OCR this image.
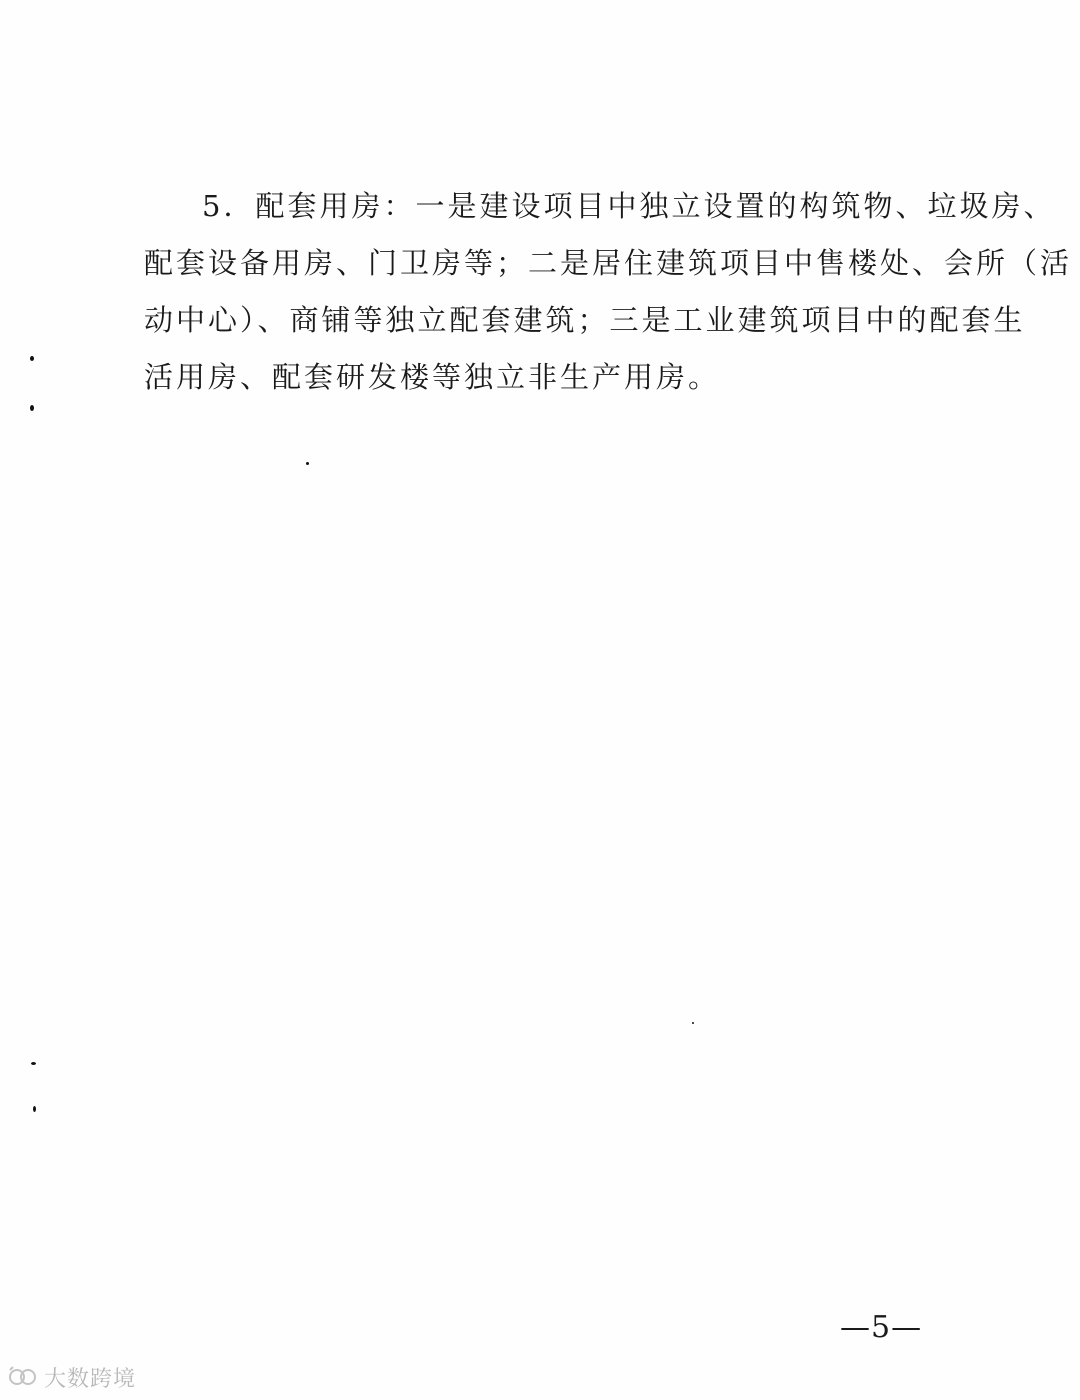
5．配套用房：一是建设项目中独立设置的构筑物、垃圾房、
配套设备用房、门卫房等；二是居住建筑项目中售楼处、会所（活
动中心）、商铺等独立配套建筑；三是工业建筑项目中的配套生
活用房、配套研发楼等独立非生产用房。
—5—
大数跨境
